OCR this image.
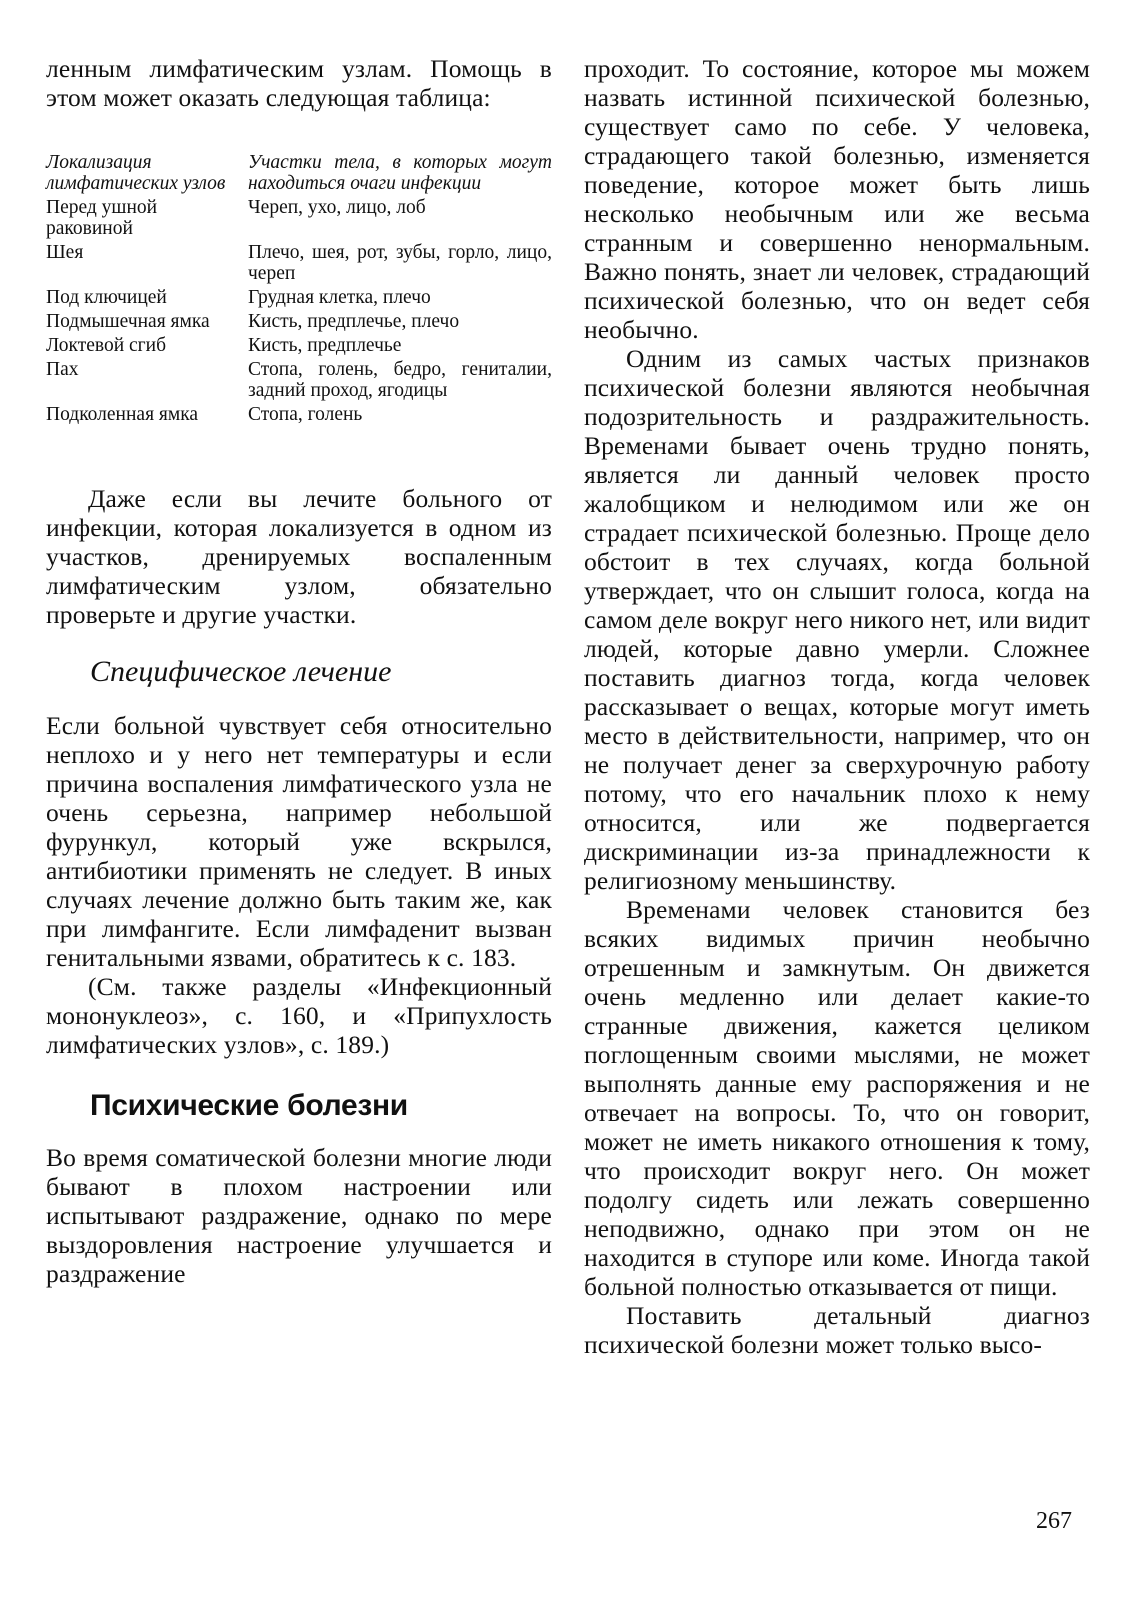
ленным лимфатическим узлам. Помощь в этом может оказать следующая таблица:

Локализация лимфатических узлов	Участки тела, в которых могут находиться очаги инфекции
Перед ушной раковиной	Череп, ухо, лицо, лоб
Шея	Плечо, шея, рот, зубы, горло, лицо, череп
Под ключицей	Грудная клетка, плечо
Подмышечная ямка	Кисть, предплечье, плечо
Локтевой сгиб	Кисть, предплечье
Пах	Стопа, голень, бедро, гениталии, задний проход, ягодицы
Подколенная ямка	Стопа, голень

Даже если вы лечите больного от инфекции, которая локализуется в одном из участков, дренируемых воспаленным лимфатическим узлом, обязательно проверьте и другие участки.

Специфическое лечение

Если больной чувствует себя относительно неплохо и у него нет температуры и если причина воспаления лимфатического узла не очень серьезна, например небольшой фурункул, который уже вскрылся, антибиотики применять не следует. В иных случаях лечение должно быть таким же, как при лимфангите. Если лимфаденит вызван генитальными язвами, обратитесь к с. 183.

(См. также разделы «Инфекционный мононуклеоз», с. 160, и «Припухлость лимфатических узлов», с. 189.)

Психические болезни

Во время соматической болезни многие люди бывают в плохом настроении или испытывают раздражение, однако по мере выздоровления настроение улучшается и раздражение

проходит. То состояние, которое мы можем назвать истинной психической болезнью, существует само по себе. У человека, страдающего такой болезнью, изменяется поведение, которое может быть лишь несколько необычным или же весьма странным и совершенно ненормальным. Важно понять, знает ли человек, страдающий психической болезнью, что он ведет себя необычно.

Одним из самых частых признаков психической болезни являются необычная подозрительность и раздражительность. Временами бывает очень трудно понять, является ли данный человек просто жалобщиком и нелюдимом или же он страдает психической болезнью. Проще дело обстоит в тех случаях, когда больной утверждает, что он слышит голоса, когда на самом деле вокруг него никого нет, или видит людей, которые давно умерли. Сложнее поставить диагноз тогда, когда человек рассказывает о вещах, которые могут иметь место в действительности, например, что он не получает денег за сверхурочную работу потому, что его начальник плохо к нему относится, или же подвергается дискриминации из-за принадлежности к религиозному меньшинству.

Временами человек становится без всяких видимых причин необычно отрешенным и замкнутым. Он движется очень медленно или делает какие-то странные движения, кажется целиком поглощенным своими мыслями, не может выполнять данные ему распоряжения и не отвечает на вопросы. То, что он говорит, может не иметь никакого отношения к тому, что происходит вокруг него. Он может подолгу сидеть или лежать совершенно неподвижно, однако при этом он не находится в ступоре или коме. Иногда такой больной полностью отказывается от пищи.

Поставить детальный диагноз психической болезни может только высо-

267
